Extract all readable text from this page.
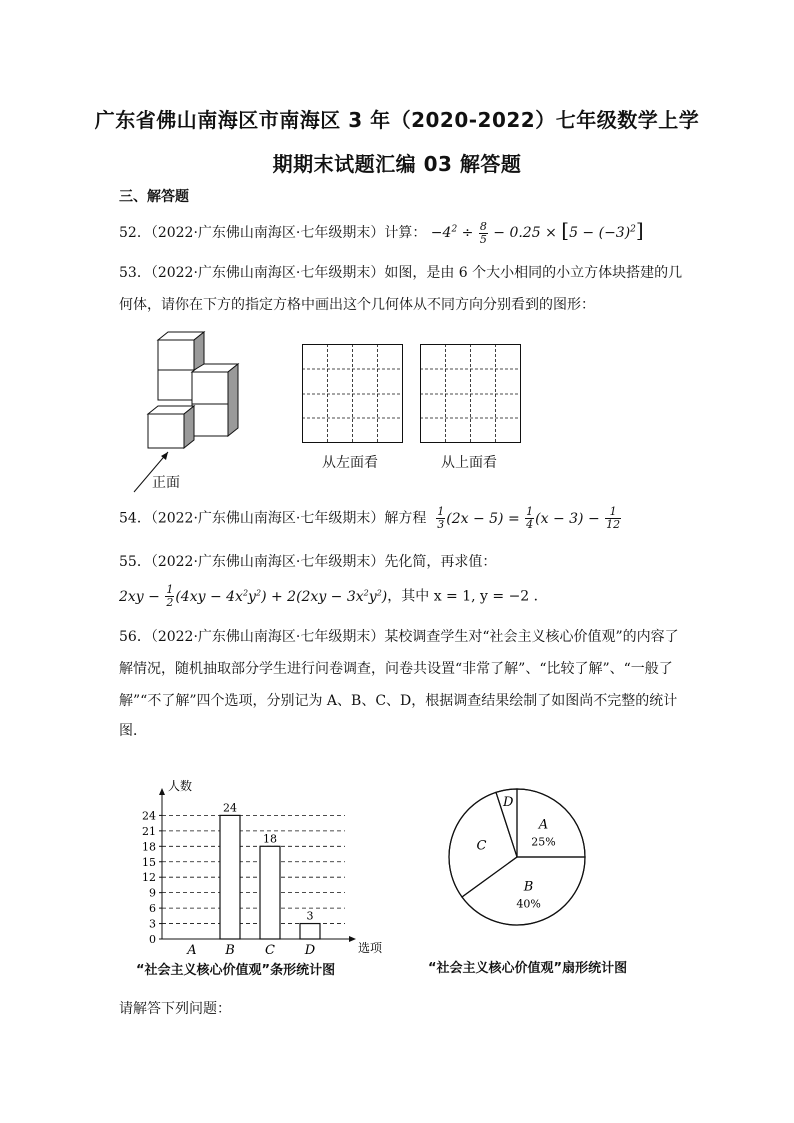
广东省佛山南海区市南海区 3 年（2020-2022）七年级数学上学
期期末试题汇编 03 解答题
三、解答题
52．（2022·广东佛山南海区·七年级期末）计算： $-4^2 \div \frac{8}{5} - 0.25 \times [5 - (-3)^2]$
53．（2022·广东佛山南海区·七年级期末）如图，是由 6 个大小相同的小立方体块搭建的几
何体，请你在下方的指定方格中画出这个几何体从不同方向分别看到的图形：
正面
从左面看	从上面看
54．（2022·广东佛山南海区·七年级期末）解方程 $\frac{1}{3} (2x - 5) = \frac{1}{4} (x - 3) - \frac{1}{12}$
55．（2022·广东佛山南海区·七年级期末）先化简，再求值：
$2xy - \frac{1}{2} (4xy - 4x^2y^2) + 2(2xy - 3x^2y^2)$，其中 x = 1, y = −2 ．
56．（2022·广东佛山南海区·七年级期末）某校调查学生对“社会主义核心价值观”的内容了
解情况，随机抽取部分学生进行问卷调查，问卷共设置“非常了解”、“比较了解”、“一般了
解”“不了解”四个选项，分别记为 A、B、C、D，根据调查结果绘制了如图尚不完整的统计
图．
人数
选项
0
3
6
9
12
15
18
21
24
A B
24
C
18
D
3
“社会主义核心价值观”条形统计图
A
25%
B
40%
C
D
“社会主义核心价值观”扇形统计图
请解答下列问题：
